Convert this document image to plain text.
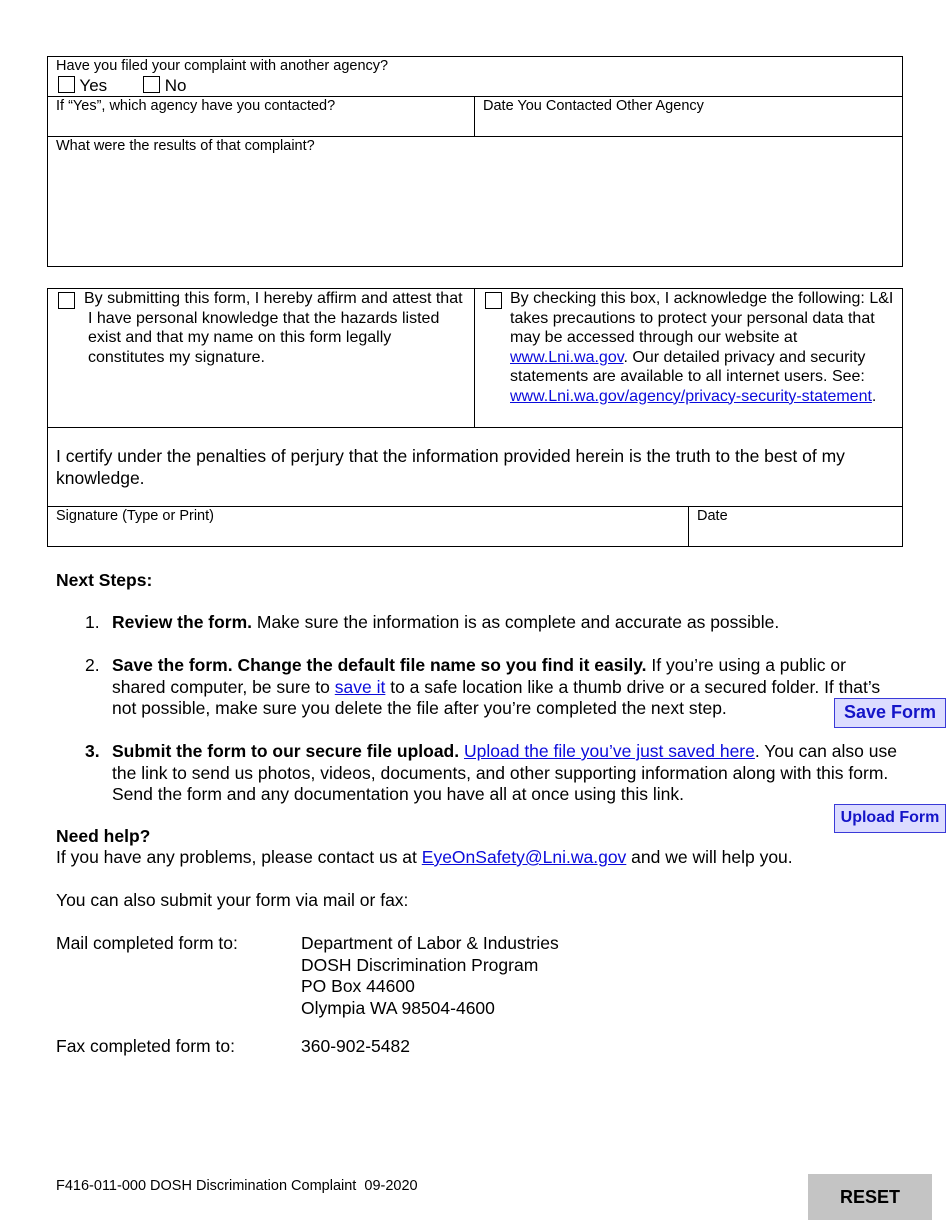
Have you filed your complaint with another agency?
Yes	No
If “Yes”, which agency have you contacted?	Date You Contacted Other Agency
What were the results of that complaint?
By submitting this form, I hereby affirm and attest that I have personal knowledge that the hazards listed exist and that my name on this form legally constitutes my signature.
By checking this box, I acknowledge the following: L&I takes precautions to protect your personal data that may be accessed through our website at www.Lni.wa.gov. Our detailed privacy and security statements are available to all internet users. See: www.Lni.wa.gov/agency/privacy-security-statement.
I certify under the penalties of perjury that the information provided herein is the truth to the best of my knowledge.
Signature (Type or Print)	Date
Next Steps:
1. Review the form. Make sure the information is as complete and accurate as possible.
2. Save the form. Change the default file name so you find it easily. If you’re using a public or shared computer, be sure to save it to a safe location like a thumb drive or a secured folder. If that’s not possible, make sure you delete the file after you’re completed the next step.	Save Form
3. Submit the form to our secure file upload. Upload the file you’ve just saved here. You can also use the link to send us photos, videos, documents, and other supporting information along with this form. Send the form and any documentation you have all at once using this link.
Upload Form
Need help?
If you have any problems, please contact us at EyeOnSafety@Lni.wa.gov and we will help you.
You can also submit your form via mail or fax:
Mail completed form to:	Department of Labor & Industries
DOSH Discrimination Program
PO Box 44600
Olympia WA 98504-4600
Fax completed form to:	360-902-5482
F416-011-000 DOSH Discrimination Complaint  09-2020
RESET
